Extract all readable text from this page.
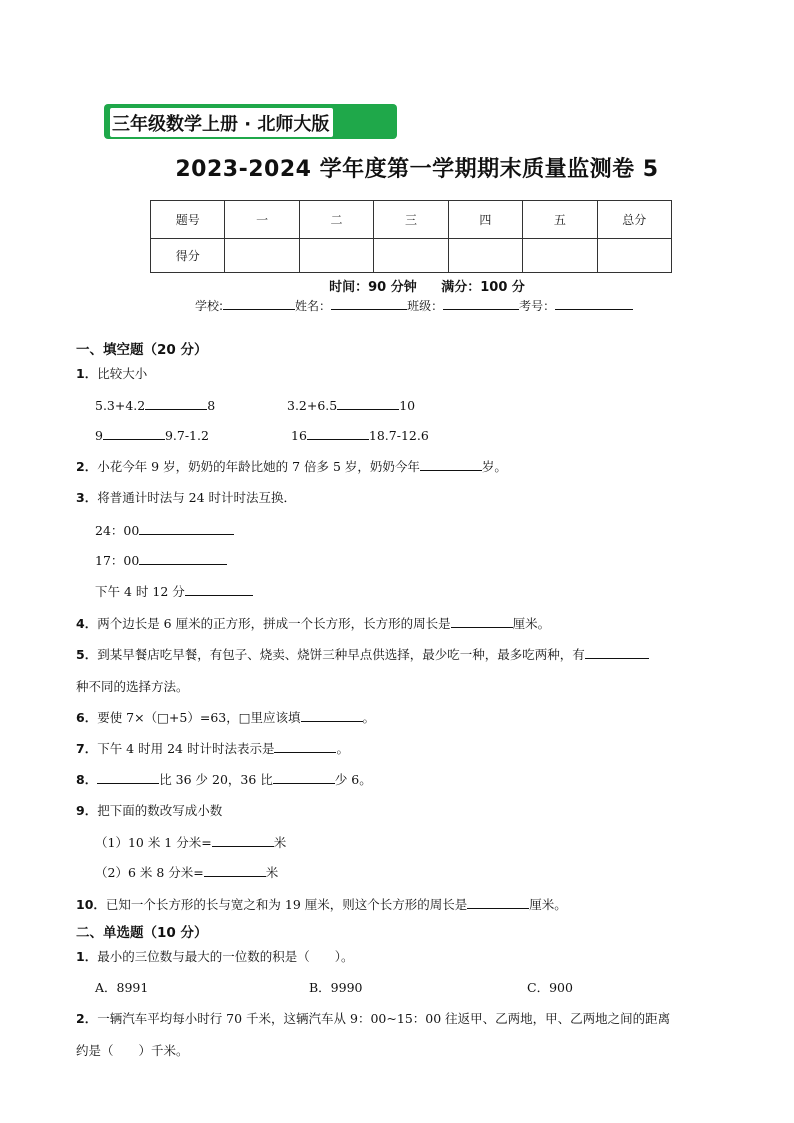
三年级数学上册 · 北师大版
2023-2024 学年度第一学期期末质量监测卷 5
题号	一	二	三	四	五	总分
得分						
时间：90 分钟 满分：100 分
学校:	姓名：	班级：	考号：
一、填空题（20 分）
1．比较大小
5.3+4.2	8	3.2+6.5	10
9	9.7-1.2	16	18.7-12.6
2．小花今年 9 岁，奶奶的年龄比她的 7 倍多 5 岁，奶奶今年	岁。
3．将普通计时法与 24 时计时法互换．
24：00
17：00
下午 4 时 12 分
4．两个边长是 6 厘米的正方形，拼成一个长方形，长方形的周长是	厘米。
5．到某早餐店吃早餐，有包子、烧卖、烧饼三种早点供选择，最少吃一种，最多吃两种，有
种不同的选择方法。
6．要使 7×（□+5）=63，□里应该填	。
7．下午 4 时用 24 时计时法表示是	。
8．	比 36 少 20，36 比	少 6。
9．把下面的数改写成小数
（1）10 米 1 分米=	米
（2）6 米 8 分米=	米
10．已知一个长方形的长与宽之和为 19 厘米，则这个长方形的周长是	厘米。
二、单选题（10 分）
1．最小的三位数与最大的一位数的积是（　　）。
A．8991	B．9990	C．900
2．一辆汽车平均每小时行 70 千米，这辆汽车从 9：00~15：00 往返甲、乙两地，甲、乙两地之间的距离
约是（　　）千米。
